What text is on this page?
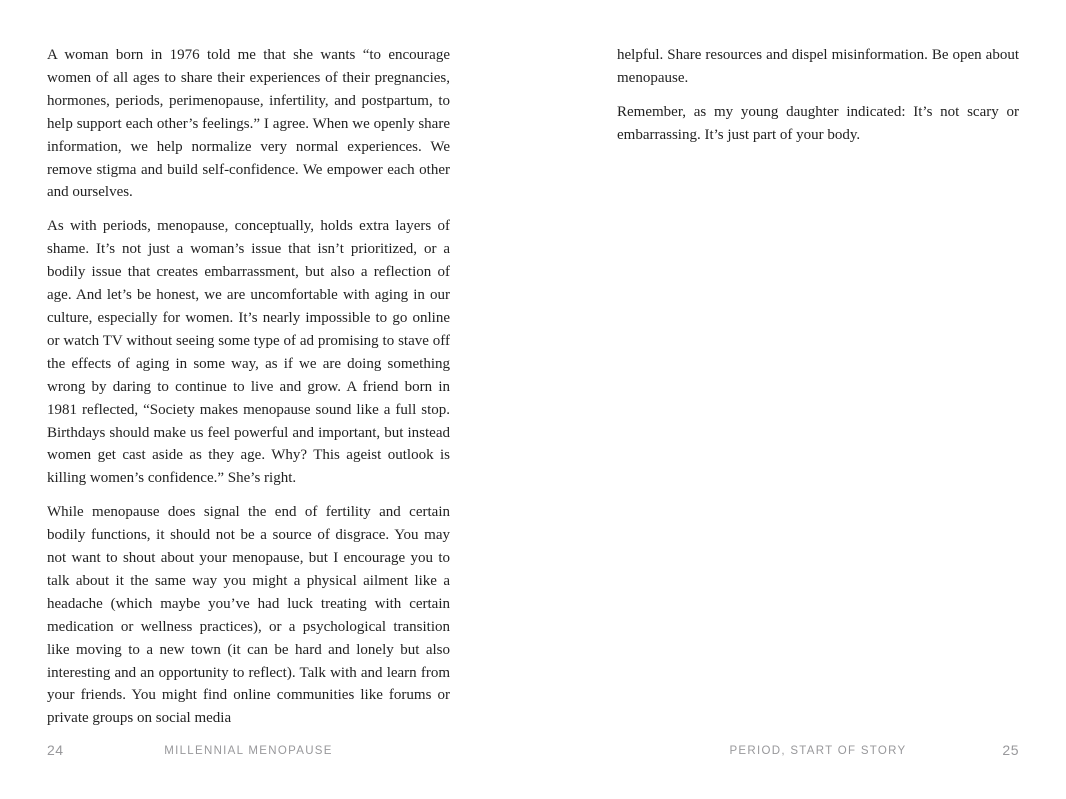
A woman born in 1976 told me that she wants “to encourage women of all ages to share their experiences of their pregnancies, hormones, periods, perimenopause, infertility, and postpartum, to help support each other’s feelings.” I agree. When we openly share information, we help normalize very normal experiences. We remove stigma and build self-confidence. We empower each other and ourselves.

As with periods, menopause, conceptually, holds extra layers of shame. It’s not just a woman’s issue that isn’t prioritized, or a bodily issue that creates embarrassment, but also a reflection of age. And let’s be honest, we are uncomfortable with aging in our culture, especially for women. It’s nearly impossible to go online or watch TV without seeing some type of ad promising to stave off the effects of aging in some way, as if we are doing something wrong by daring to continue to live and grow. A friend born in 1981 reflected, “Society makes menopause sound like a full stop. Birthdays should make us feel powerful and important, but instead women get cast aside as they age. Why? This ageist outlook is killing women’s confidence.” She’s right.

While menopause does signal the end of fertility and certain bodily functions, it should not be a source of disgrace. You may not want to shout about your menopause, but I encourage you to talk about it the same way you might a physical ailment like a headache (which maybe you’ve had luck treating with certain medication or wellness practices), or a psychological transition like moving to a new town (it can be hard and lonely but also interesting and an opportunity to reflect). Talk with and learn from your friends. You might find online communities like forums or private groups on social media

helpful. Share resources and dispel misinformation. Be open about menopause.

Remember, as my young daughter indicated: It’s not scary or embarrassing. It’s just part of your body.

24	MILLENNIAL MENOPAUSE	PERIOD, START OF STORY	25
